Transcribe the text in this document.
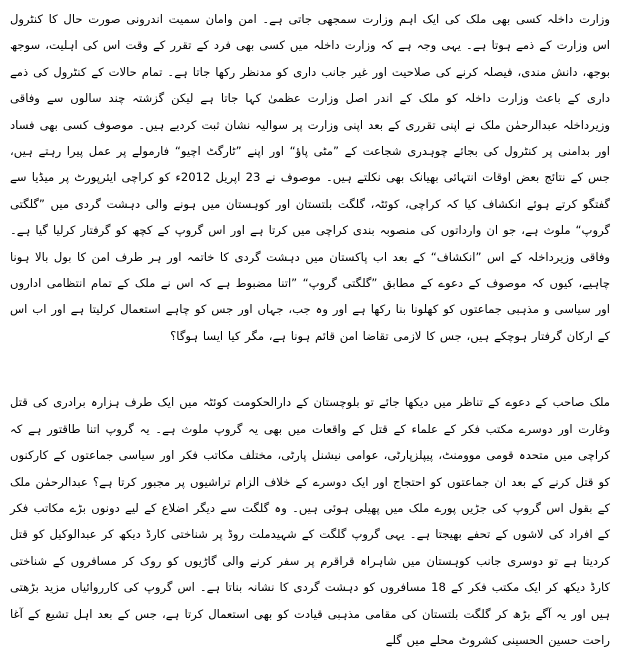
وزارت داخلہ کسی بھی ملک کی ایک اہم وزارت سمجھی جاتی ہے۔ امن وامان سمیت اندرونی صورت حال کا کنٹرول اس وزارت کے ذمے ہوتا ہے۔ یہی وجہ ہے کہ وزارت داخلہ میں کسی بھی فرد کے تقرر کے وقت اس کی اہلیت، سوجھ بوجھ، دانش مندی، فیصلہ کرنے کی صلاحیت اور غیر جانب داری کو مدنظر رکھا جاتا ہے۔ تمام حالات کے کنٹرول کی ذمے داری کے باعث وزارت داخلہ کو ملک کے اندر اصل وزارت عظمیٰ کہا جاتا ہے لیکن گزشتہ چند سالوں سے وفاقی وزیرداخلہ عبدالرحمٰن ملک نے اپنی تقرری کے بعد اپنی وزارت پر سوالیہ نشان ثبت کردیے ہیں۔ موصوف کسی بھی فساد اور بدامنی پر کنٹرول کی بجائے چوہدری شجاعت کے ”مٹی پاؤ“ اور اپنے ”ٹارگٹ اچیو“ فارمولے پر عمل پیرا رہتے ہیں، جس کے نتائج بعض اوقات انتہائی بھیانک بھی نکلتے ہیں۔ موصوف نے 23 اپریل 2012ء کو کراچی ایئرپورٹ پر میڈیا سے گفتگو کرتے ہوئے انکشاف کیا کہ کراچی، کوئٹہ، گلگت بلتستان اور کوہستان میں ہونے والی دہشت گردی میں ”گلگتی گروپ“ ملوث ہے، جو ان وارداتوں کی منصوبہ بندی کراچی میں کرتا ہے اور اس گروپ کے کچھ کو گرفتار کرلیا گیا ہے۔ وفاقی وزیرداخلہ کے اس ”انکشاف“ کے بعد اب پاکستان میں دہشت گردی کا خاتمہ اور ہر طرف امن کا بول بالا ہونا چاہیے، کیوں کہ موصوف کے دعوے کے مطابق ”گلگتی گروپ“ ”اتنا مضبوط ہے کہ اس نے ملک کے تمام انتظامی اداروں اور سیاسی و مذہبی جماعتوں کو کھلونا بنا رکھا ہے اور وہ جب، جہاں اور جس کو چاہے استعمال کرلیتا ہے اور اب اس کے ارکان گرفتار ہوچکے ہیں، جس کا لازمی تقاضا امن قائم ہونا ہے، مگر کیا ایسا ہوگا؟

ملک صاحب کے دعوے کے تناظر میں دیکھا جائے تو بلوچستان کے دارالحکومت کوئٹہ میں ایک طرف ہزارہ برادری کی قتل وغارت اور دوسرے مکتب فکر کے علماء کے قتل کے واقعات میں بھی یہ گروپ ملوث ہے۔ یہ گروپ اتنا طاقتور ہے کہ کراچی میں متحدہ قومی موومنٹ، پیپلزپارٹی، عوامی نیشنل پارٹی، مختلف مکاتب فکر اور سیاسی جماعتوں کے کارکنوں کو قتل کرنے کے بعد ان جماعتوں کو احتجاج اور ایک دوسرے کے خلاف الزام تراشیوں پر مجبور کرتا ہے؟ عبدالرحمٰن ملک کے بقول اس گروپ کی جڑیں پورے ملک میں پھیلی ہوئی ہیں۔ وہ گلگت سے دیگر اضلاع کے لیے دونوں بڑے مکاتب فکر کے افراد کی لاشوں کے تحفے بھیجتا ہے۔ یہی گروپ گلگت کے شہیدملت روڈ پر شناختی کارڈ دیکھ کر عبدالوکیل کو قتل کردیتا ہے تو دوسری جانب کوہستان میں شاہراہ قراقرم پر سفر کرنے والی گاڑیوں کو روک کر مسافروں کے شناختی کارڈ دیکھ کر ایک مکتب فکر کے 18 مسافروں کو دہشت گردی کا نشانہ بناتا ہے۔ اس گروپ کی کارروائیاں مزید بڑھتی ہیں اور یہ آگے بڑھ کر گلگت بلتستان کی مقامی مذہبی قیادت کو بھی استعمال کرتا ہے، جس کے بعد اہل تشیع کے آغا راحت حسین الحسینی کشروٹ محلے میں گلے
